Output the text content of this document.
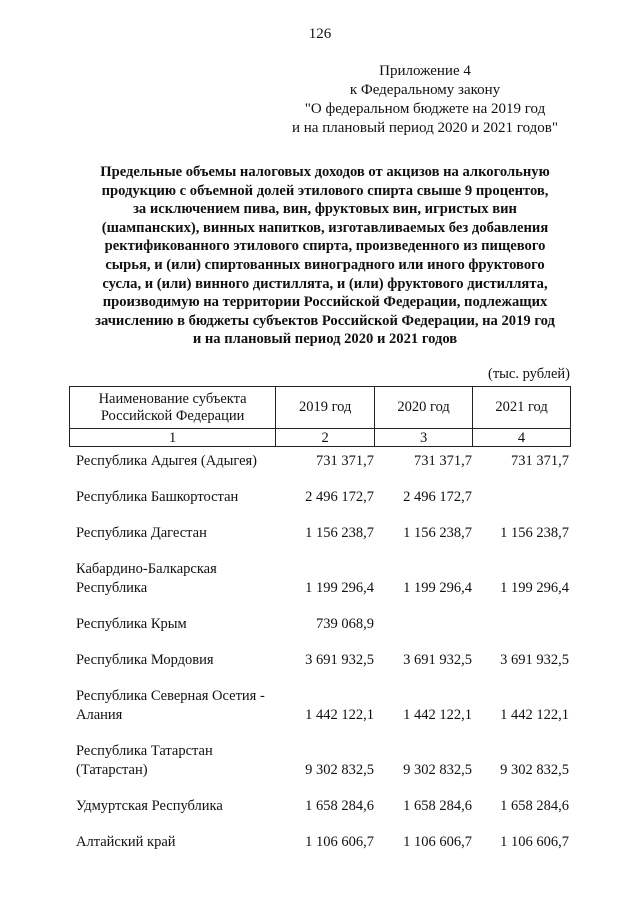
126
Приложение 4
к Федеральному закону
"О федеральном бюджете на 2019 год
и на плановый период 2020 и 2021 годов"
Предельные объемы налоговых доходов от акцизов на алкогольную
продукцию с объемной долей этилового спирта свыше 9 процентов,
за исключением пива, вин, фруктовых вин, игристых вин
(шампанских), винных напитков, изготавливаемых без добавления
ректификованного этилового спирта, произведенного из пищевого
сырья, и (или) спиртованных виноградного или иного фруктового
сусла, и (или) винного дистиллята, и (или) фруктового дистиллята,
производимую на территории Российской Федерации, подлежащих
зачислению в бюджеты субъектов Российской Федерации, на 2019 год
и на плановый период 2020 и 2021 годов
(тыс. рублей)
Наименование субъекта
Российской Федерации	2019 год	2020 год	2021 год
1	2	3	4
Республика Адыгея (Адыгея)	731 371,7	731 371,7	731 371,7
Республика Башкортостан	2 496 172,7	2 496 172,7
Республика Дагестан	1 156 238,7	1 156 238,7	1 156 238,7
Кабардино-Балкарская
Республика	1 199 296,4	1 199 296,4	1 199 296,4
Республика Крым	739 068,9
Республика Мордовия	3 691 932,5	3 691 932,5	3 691 932,5
Республика Северная Осетия -
Алания	1 442 122,1	1 442 122,1	1 442 122,1
Республика Татарстан
(Татарстан)	9 302 832,5	9 302 832,5	9 302 832,5
Удмуртская Республика	1 658 284,6	1 658 284,6	1 658 284,6
Алтайский край	1 106 606,7	1 106 606,7	1 106 606,7
